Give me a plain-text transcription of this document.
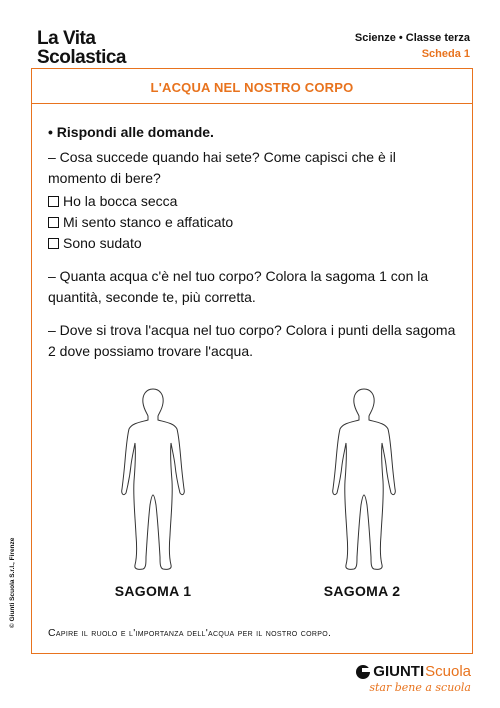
La Vita
Scolastica
Scienze • Classe terza
Scheda 1
L'ACQUA NEL NOSTRO CORPO

• Rispondi alle domande.

– Cosa succede quando hai sete? Come capisci che è il momento di bere?

Ho la bocca secca
Mi sento stanco e affaticato
Sono sudato

– Quanta acqua c'è nel tuo corpo? Colora la sagoma 1 con la quantità, seconde te, più corretta.

– Dove si trova l'acqua nel tuo corpo? Colora i punti della sagoma 2 dove possiamo trovare l'acqua.

SAGOMA 1	SAGOMA 2
Capire il ruolo e l'importanza dell'acqua per il nostro corpo.
© Giunti Scuola S.r.l., Firenze
GIUNTI Scuola
star bene a scuola
